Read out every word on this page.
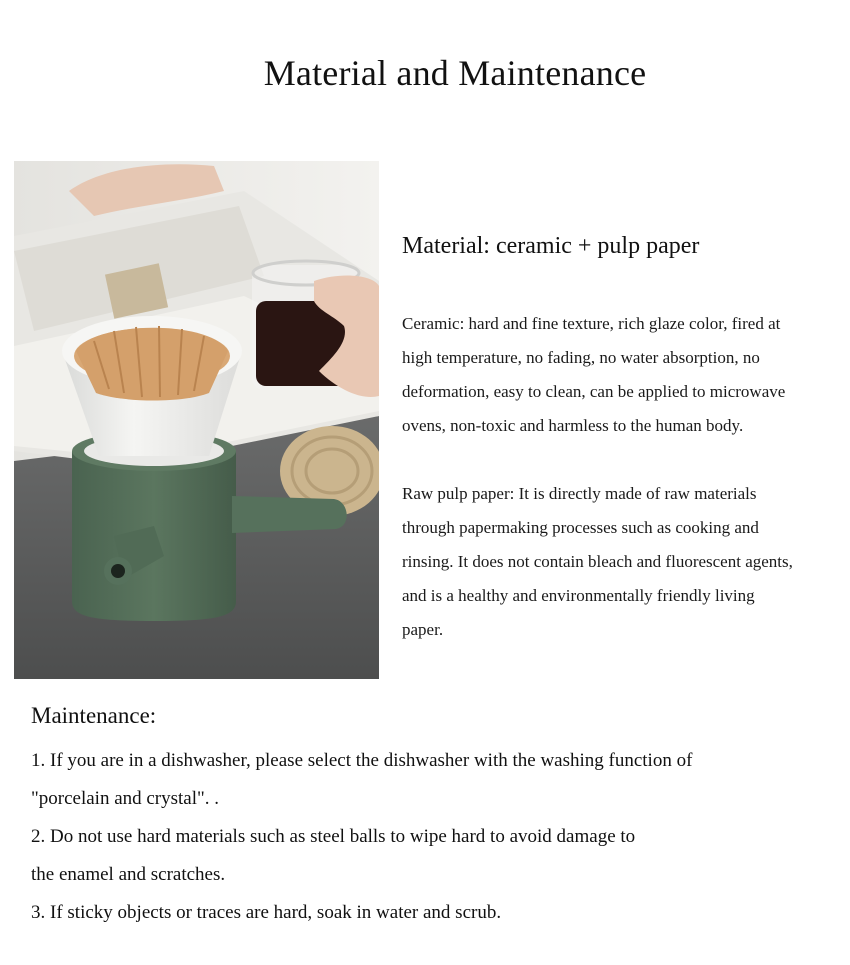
Material and Maintenance
Material: ceramic + pulp paper
Ceramic: hard and fine texture, rich glaze color, fired at
high temperature, no fading, no water absorption, no
deformation, easy to clean, can be applied to microwave
ovens, non-toxic and harmless to the human body.
Raw pulp paper: It is directly made of raw materials
through papermaking processes such as cooking and
rinsing. It does not contain bleach and fluorescent agents,
and is a healthy and environmentally friendly living
paper.
Maintenance:
1. If you are in a dishwasher, please select the dishwasher with the washing function of
"porcelain and crystal". .
2. Do not use hard materials such as steel balls to wipe hard to avoid damage to
the enamel and scratches.
3. If sticky objects or traces are hard, soak in water and scrub.
